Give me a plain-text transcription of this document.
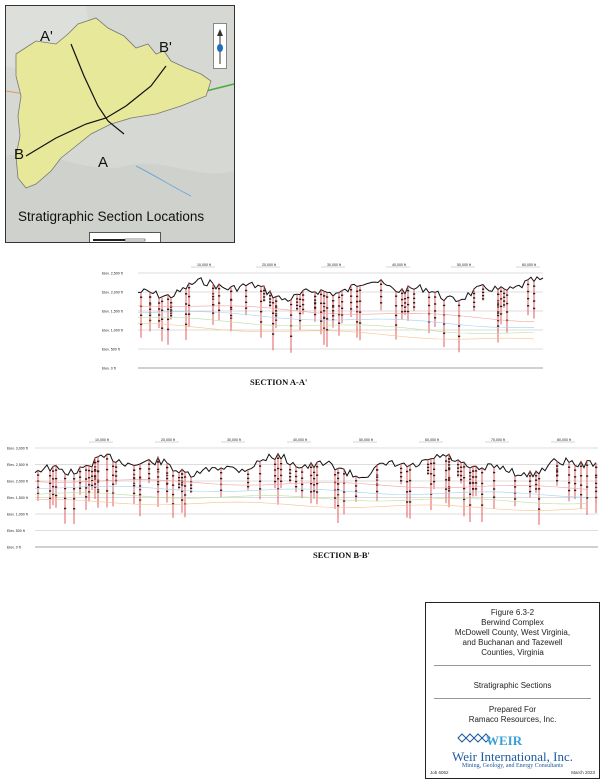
A'
B'
A
B
Stratigraphic Section Locations
Elev. 2,500 ft
Elev. 2,000 ft
Elev. 1,500 ft
Elev. 1,000 ft
Elev. 500 ft
Elev. 0 ft
10,000 ft	20,000 ft	30,000 ft	40,000 ft	50,000 ft	60,000 ft
SECTION A-A'
Elev. 3,000 ft
Elev. 2,500 ft
Elev. 2,000 ft
Elev. 1,500 ft
Elev. 1,000 ft
Elev. 500 ft
Elev. 0 ft
10,000 ft	20,000 ft	30,000 ft	40,000 ft	50,000 ft	60,000 ft	70,000 ft	80,000 ft
SECTION B-B'
Figure 6.3-2
Berwind Complex
McDowell County, West Virginia,
and Buchanan and Tazewell
Counties, Virginia
Stratigraphic Sections
Prepared For
Ramaco Resources, Inc.
WEIR
Weir International, Inc.
Mining, Geology, and Energy Consultants
Job 6062	March 2023
